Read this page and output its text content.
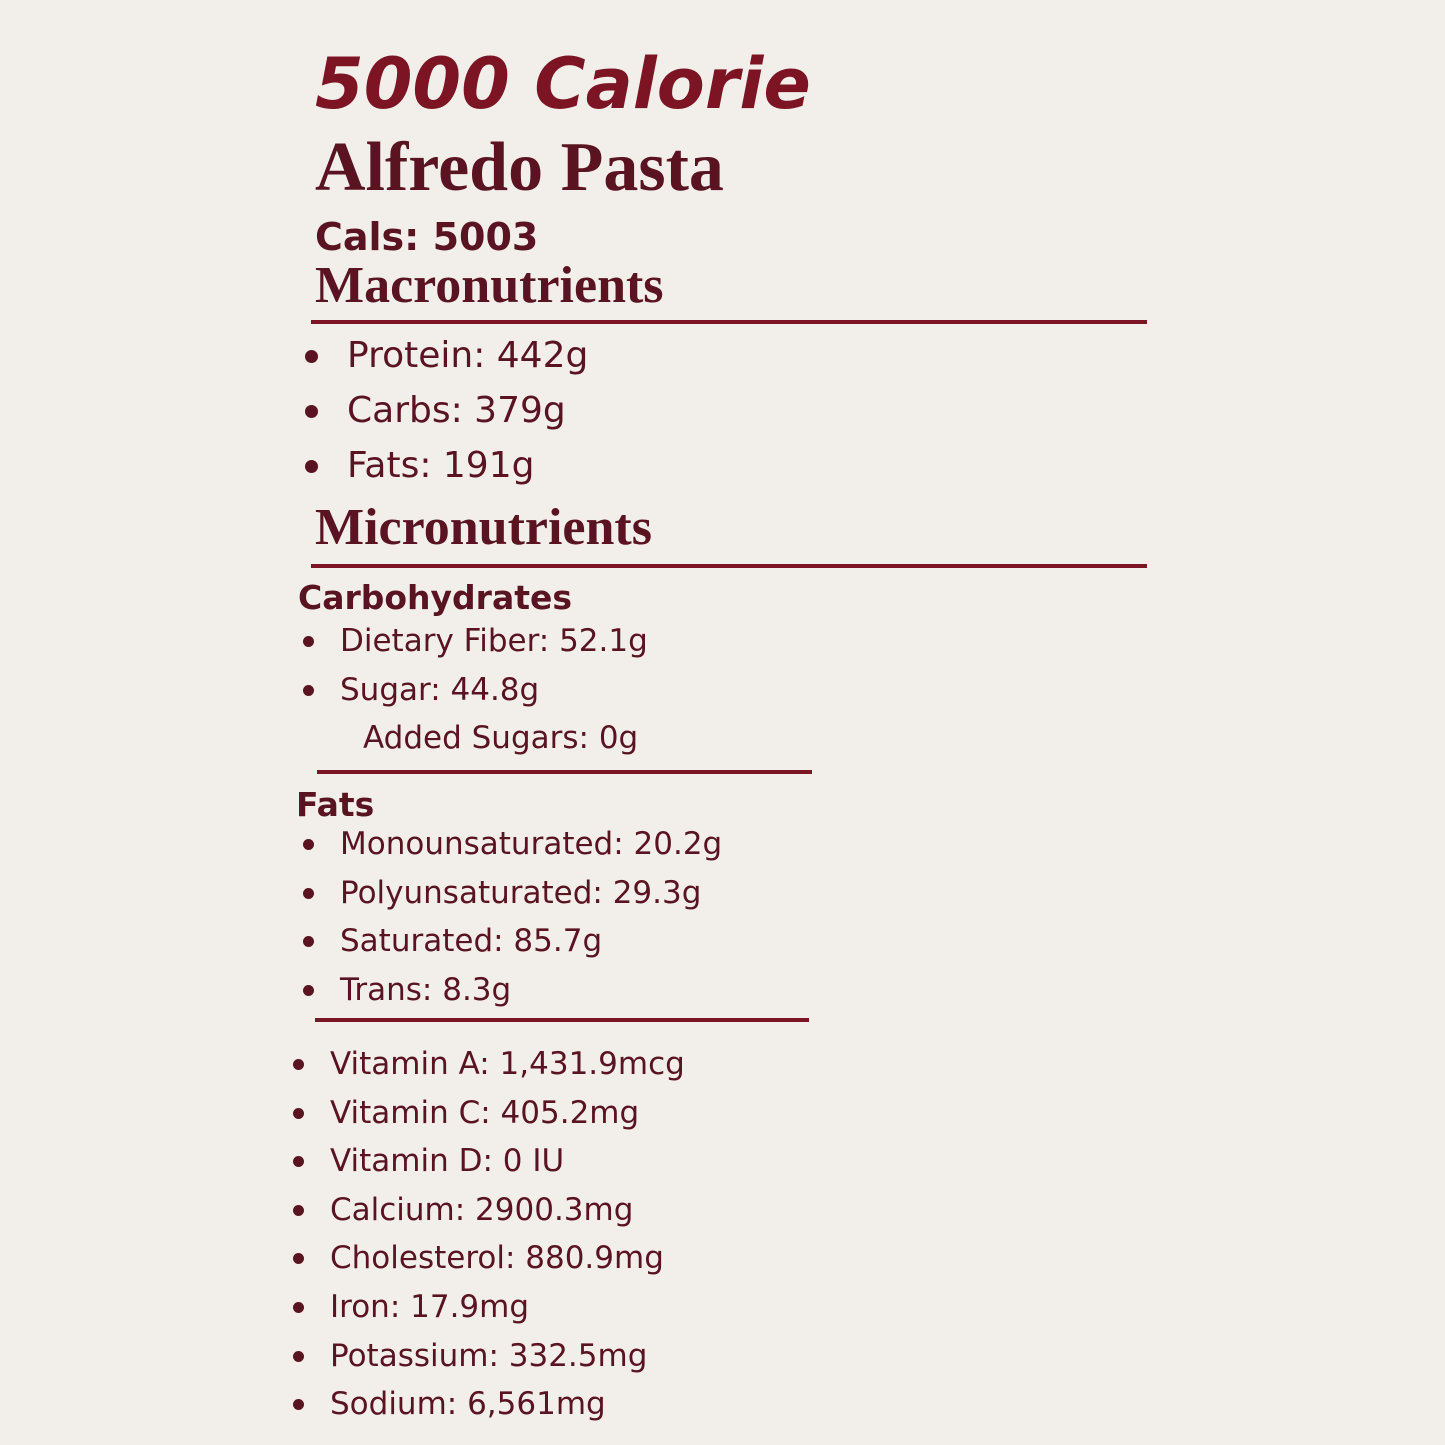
5000 Calorie
Alfredo Pasta
Cals: 5003
Macronutrients
Protein: 442g
Carbs: 379g
Fats: 191g
Micronutrients
Carbohydrates
Dietary Fiber: 52.1g
Sugar: 44.8g
Added Sugars: 0g
Fats
Monounsaturated: 20.2g
Polyunsaturated: 29.3g
Saturated: 85.7g
Trans: 8.3g
Vitamin A: 1,431.9mcg
Vitamin C: 405.2mg
Vitamin D: 0 IU
Calcium: 2900.3mg
Cholesterol: 880.9mg
Iron: 17.9mg
Potassium: 332.5mg
Sodium: 6,561mg
